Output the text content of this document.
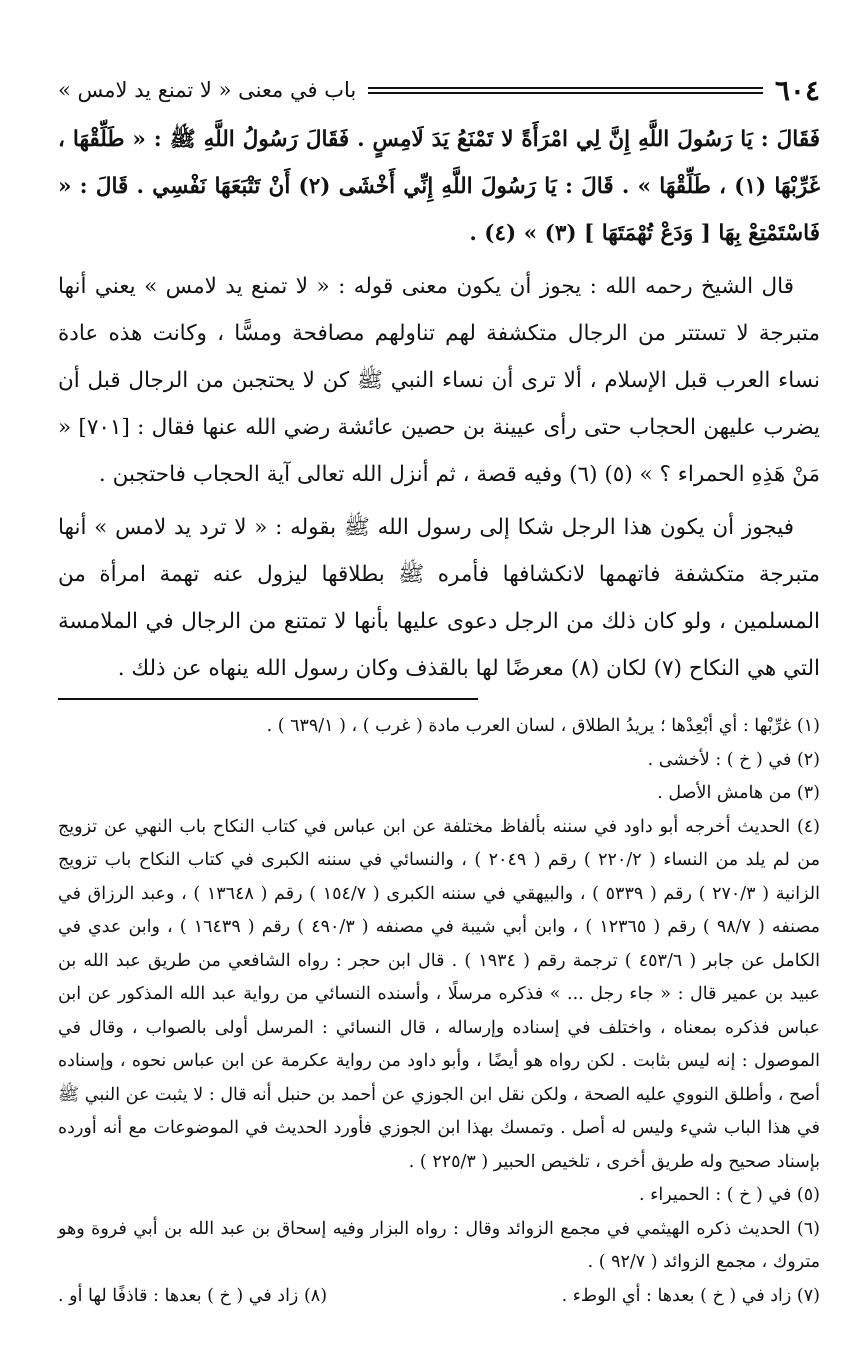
٦٠٤
باب في معنى « لا تمنع يد لامس »

فَقَالَ : يَا رَسُولَ اللَّهِ إِنَّ لِي امْرَأَةً لا تَمْنَعُ يَدَ لَامِسٍ . فَقَالَ رَسُولُ اللَّهِ ﷺ : « طَلِّقْهَا ، غَرِّبْهَا (١) ، طَلِّقْهَا » . قَالَ : يَا رَسُولَ اللَّهِ إِنِّي أَخْشَى (٢) أَنْ تَتْبَعَهَا نَفْسِي . قَالَ : « فَاسْتَمْتِعْ بِهَا [ وَدَعْ تُهْمَتَهَا ] (٣) » (٤) .

قال الشيخ رحمه الله : يجوز أن يكون معنى قوله : « لا تمنع يد لامس » يعني أنها متبرجة لا تستتر من الرجال متكشفة لهم تناولهم مصافحة ومسًّا ، وكانت هذه عادة نساء العرب قبل الإسلام ، ألا ترى أن نساء النبي ﷺ كن لا يحتجبن من الرجال قبل أن يضرب عليهن الحجاب حتى رأى عيينة بن حصين عائشة رضي الله عنها فقال : [٧٠١] « مَنْ هَذِهِ الحمراء ؟ » (٥) (٦) وفيه قصة ، ثم أنزل الله تعالى آية الحجاب فاحتجبن .

فيجوز أن يكون هذا الرجل شكا إلى رسول الله ﷺ بقوله : « لا ترد يد لامس » أنها متبرجة متكشفة فاتهمها لانكشافها فأمره ﷺ بطلاقها ليزول عنه تهمة امرأة من المسلمين ، ولو كان ذلك من الرجل دعوى عليها بأنها لا تمتنع من الرجال في الملامسة التي هي النكاح (٧) لكان (٨) معرضًا لها بالقذف وكان رسول الله ينهاه عن ذلك .

(١) غرِّبْها : أي أبْعِدْها ؛ يريدُ الطلاق ، لسان العرب مادة ( غرب ) ، ( ٦٣٩/١ ) .

(٢) في ( خ ) : لأخشى .

(٣) من هامش الأصل .

(٤) الحديث أخرجه أبو داود في سننه بألفاظ مختلفة عن ابن عباس في كتاب النكاح باب النهي عن تزويج من لم يلد من النساء ( ٢٢٠/٢ ) رقم ( ٢٠٤٩ ) ، والنسائي في سننه الكبرى في كتاب النكاح باب تزويج الزانية ( ٢٧٠/٣ ) رقم ( ٥٣٣٩ ) ، والبيهقي في سننه الكبرى ( ١٥٤/٧ ) رقم ( ١٣٦٤٨ ) ، وعبد الرزاق في مصنفه ( ٩٨/٧ ) رقم ( ١٢٣٦٥ ) ، وابن أبي شيبة في مصنفه ( ٤٩٠/٣ ) رقم ( ١٦٤٣٩ ) ، وابن عدي في الكامل عن جابر ( ٤٥٣/٦ ) ترجمة رقم ( ١٩٣٤ ) . قال ابن حجر : رواه الشافعي من طريق عبد الله بن عبيد بن عمير قال : « جاء رجل ... » فذكره مرسلًا ، وأسنده النسائي من رواية عبد الله المذكور عن ابن عباس فذكره بمعناه ، واختلف في إسناده وإرساله ، قال النسائي : المرسل أولى بالصواب ، وقال في الموصول : إنه ليس بثابت . لكن رواه هو أيضًا ، وأبو داود من رواية عكرمة عن ابن عباس نحوه ، وإسناده أصح ، وأطلق النووي عليه الصحة ، ولكن نقل ابن الجوزي عن أحمد بن حنبل أنه قال : لا يثبت عن النبي ﷺ في هذا الباب شيء وليس له أصل . وتمسك بهذا ابن الجوزي فأورد الحديث في الموضوعات مع أنه أورده بإسناد صحيح وله طريق أخرى ، تلخيص الحبير ( ٢٢٥/٣ ) .

(٥) في ( خ ) : الحميراء .

(٦) الحديث ذكره الهيثمي في مجمع الزوائد وقال : رواه البزار وفيه إسحاق بن عبد الله بن أبي فروة وهو متروك ، مجمع الزوائد ( ٩٢/٧ ) .

(٧) زاد في ( خ ) بعدها : أي الوطء .

(٨) زاد في ( خ ) بعدها : قاذفًا لها أو .
